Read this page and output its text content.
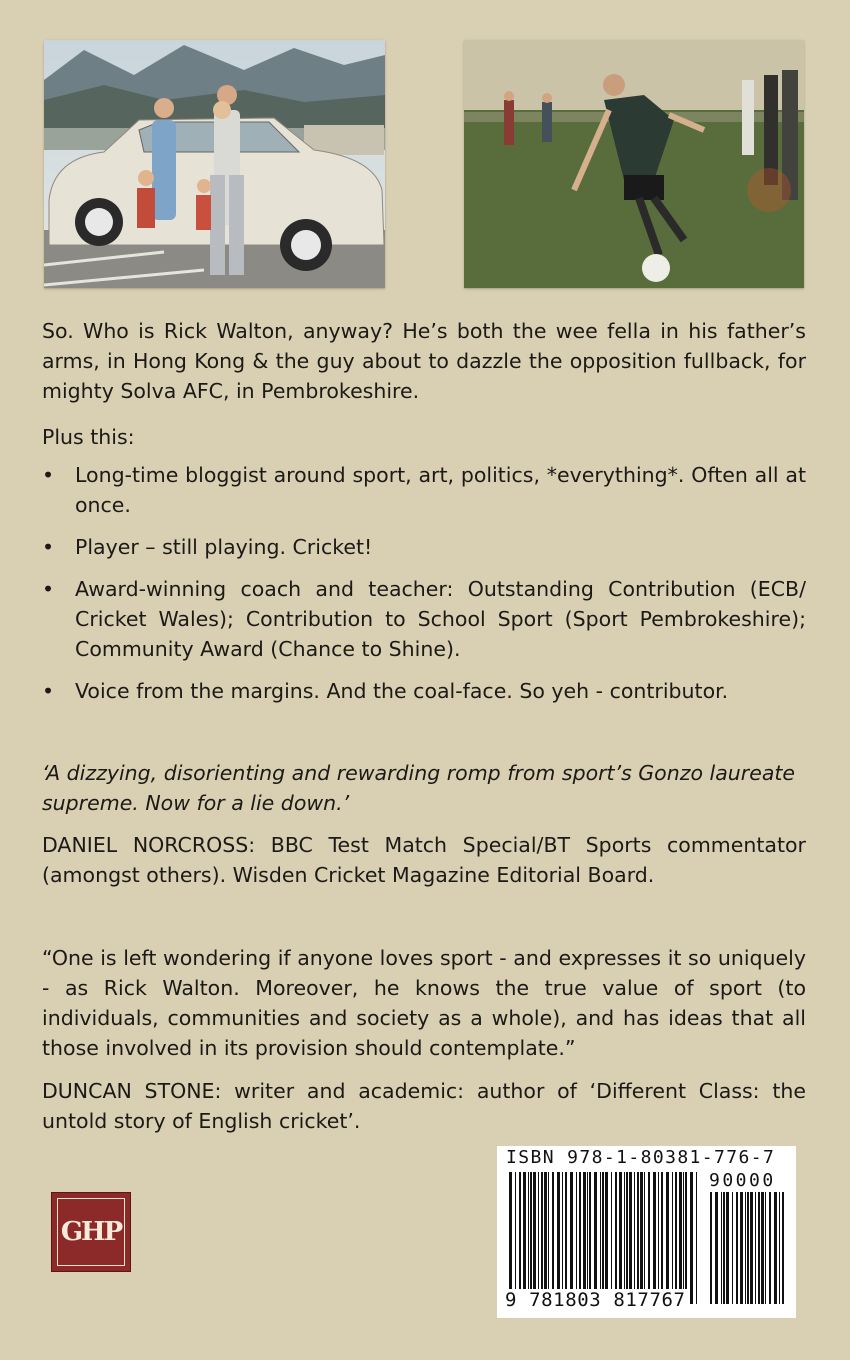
So. Who is Rick Walton, anyway? He’s both the wee fella in his father’s arms, in Hong Kong & the guy about to dazzle the opposition fullback, for mighty Solva AFC, in Pembrokeshire.

Plus this:

• Long-time bloggist around sport, art, politics, *everything*. Often all at once.
• Player – still playing. Cricket!
• Award-winning coach and teacher: Outstanding Contribution (ECB/ Cricket Wales); Contribution to School Sport (Sport Pembrokeshire); Community Award (Chance to Shine).
• Voice from the margins. And the coal-face. So yeh - contributor.

‘A dizzying, disorienting and rewarding romp from sport’s Gonzo laureate supreme. Now for a lie down.’

DANIEL NORCROSS: BBC Test Match Special/BT Sports commentator (amongst others). Wisden Cricket Magazine Editorial Board.

“One is left wondering if anyone loves sport - and expresses it so uniquely - as Rick Walton. Moreover, he knows the true value of sport (to individuals, communities and society as a whole), and has ideas that all those involved in its provision should contemplate.”

DUNCAN STONE: writer and academic: author of ‘Different Class: the untold story of English cricket’.

GHP
ISBN 978-1-80381-776-7
90000
9 781803 817767
